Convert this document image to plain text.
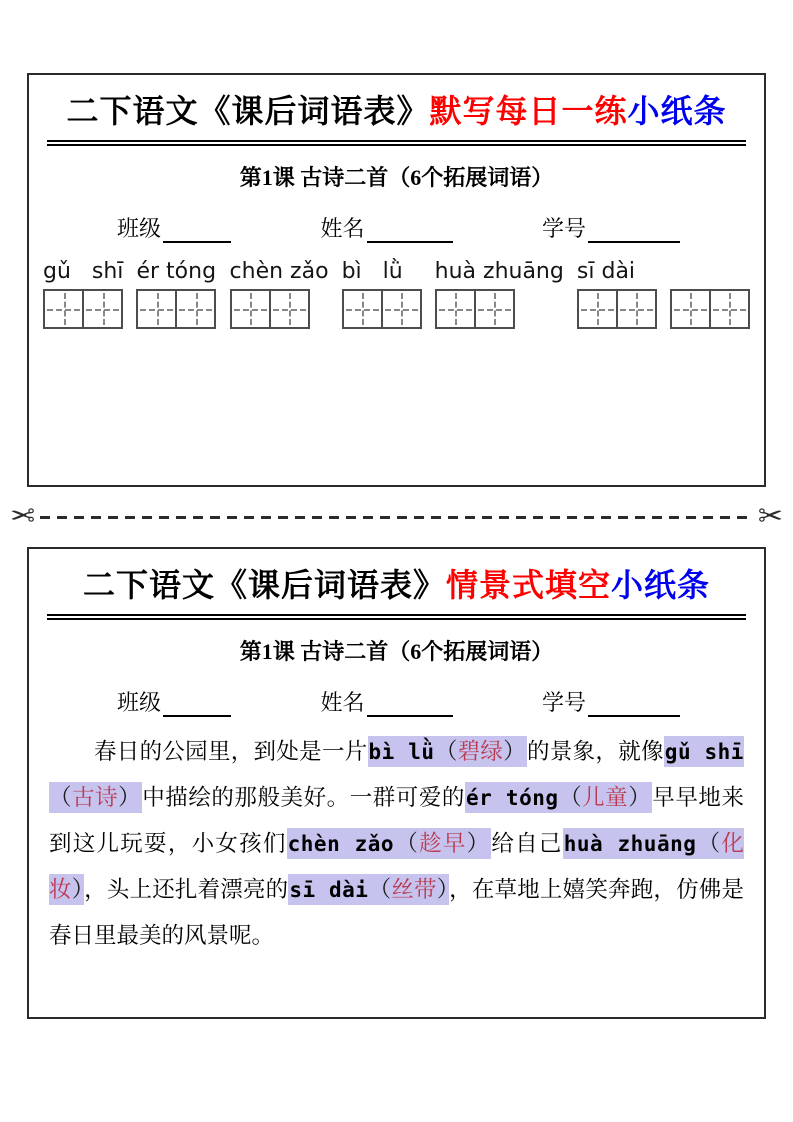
二下语文《课后词语表》默写每日一练小纸条
第1课 古诗二首（6个拓展词语）
班级	姓名	学号
gǔ   shī ér tóng chèn zǎo bì   lǜ	huà zhuāng sī dài
✂	✂
二下语文《课后词语表》情景式填空小纸条
第1课 古诗二首（6个拓展词语）
班级	姓名	学号

春日的公园里，到处是一片bì lǜ（碧绿）的景象，就像gǔ shī（古诗）中描绘的那般美好。一群可爱的ér tóng（儿童）早早地来到这儿玩耍，小女孩们chèn zǎo（趁早）给自己huà zhuāng（化妆），头上还扎着漂亮的sī dài（丝带），在草地上嬉笑奔跑，仿佛是春日里最美的风景呢。
